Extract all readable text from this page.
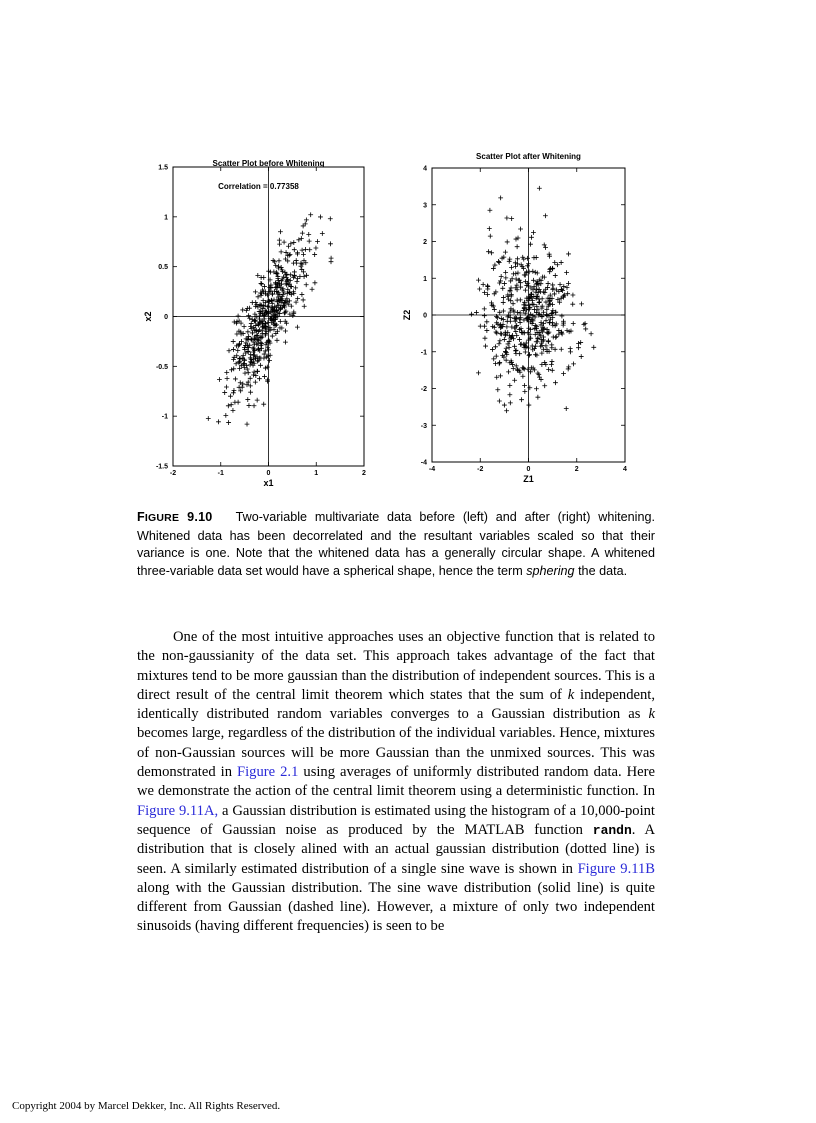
-2	-1	0	1	2
-1.5
-1
-0.5
0
0.5
1
1.5	Scatter Plot before Whitening
Correlation = 0.77358
x1
x2
-4	-2	0	2	4
-4
-3
-2
-1
0
1
2
3
4
Scatter Plot after Whitening
Z1
Z2
FIGURE 9.10 Two-variable multivariate data before (left) and after (right) whitening. Whitened data has been decorrelated and the resultant variables scaled so that their variance is one. Note that the whitened data has a generally circular shape. A whitened three-variable data set would have a spherical shape, hence the term sphering the data.

One of the most intuitive approaches uses an objective function that is related to the non-gaussianity of the data set. This approach takes advantage of the fact that mixtures tend to be more gaussian than the distribution of independent sources. This is a direct result of the central limit theorem which states that the sum of k independent, identically distributed random variables converges to a Gaussian distribution as k becomes large, regardless of the distribution of the individual variables. Hence, mixtures of non-Gaussian sources will be more Gaussian than the unmixed sources. This was demonstrated in Figure 2.1 using averages of uniformly distributed random data. Here we demonstrate the action of the central limit theorem using a deterministic function. In Figure 9.11A, a Gaussian distribution is estimated using the histogram of a 10,000-point sequence of Gaussian noise as produced by the MATLAB function randn. A distribution that is closely alined with an actual gaussian distribution (dotted line) is seen. A similarly estimated distribution of a single sine wave is shown in Figure 9.11B along with the Gaussian distribution. The sine wave distribution (solid line) is quite different from Gaussian (dashed line). However, a mixture of only two independent sinusoids (having different frequencies) is seen to be

Copyright 2004 by Marcel Dekker, Inc. All Rights Reserved.
